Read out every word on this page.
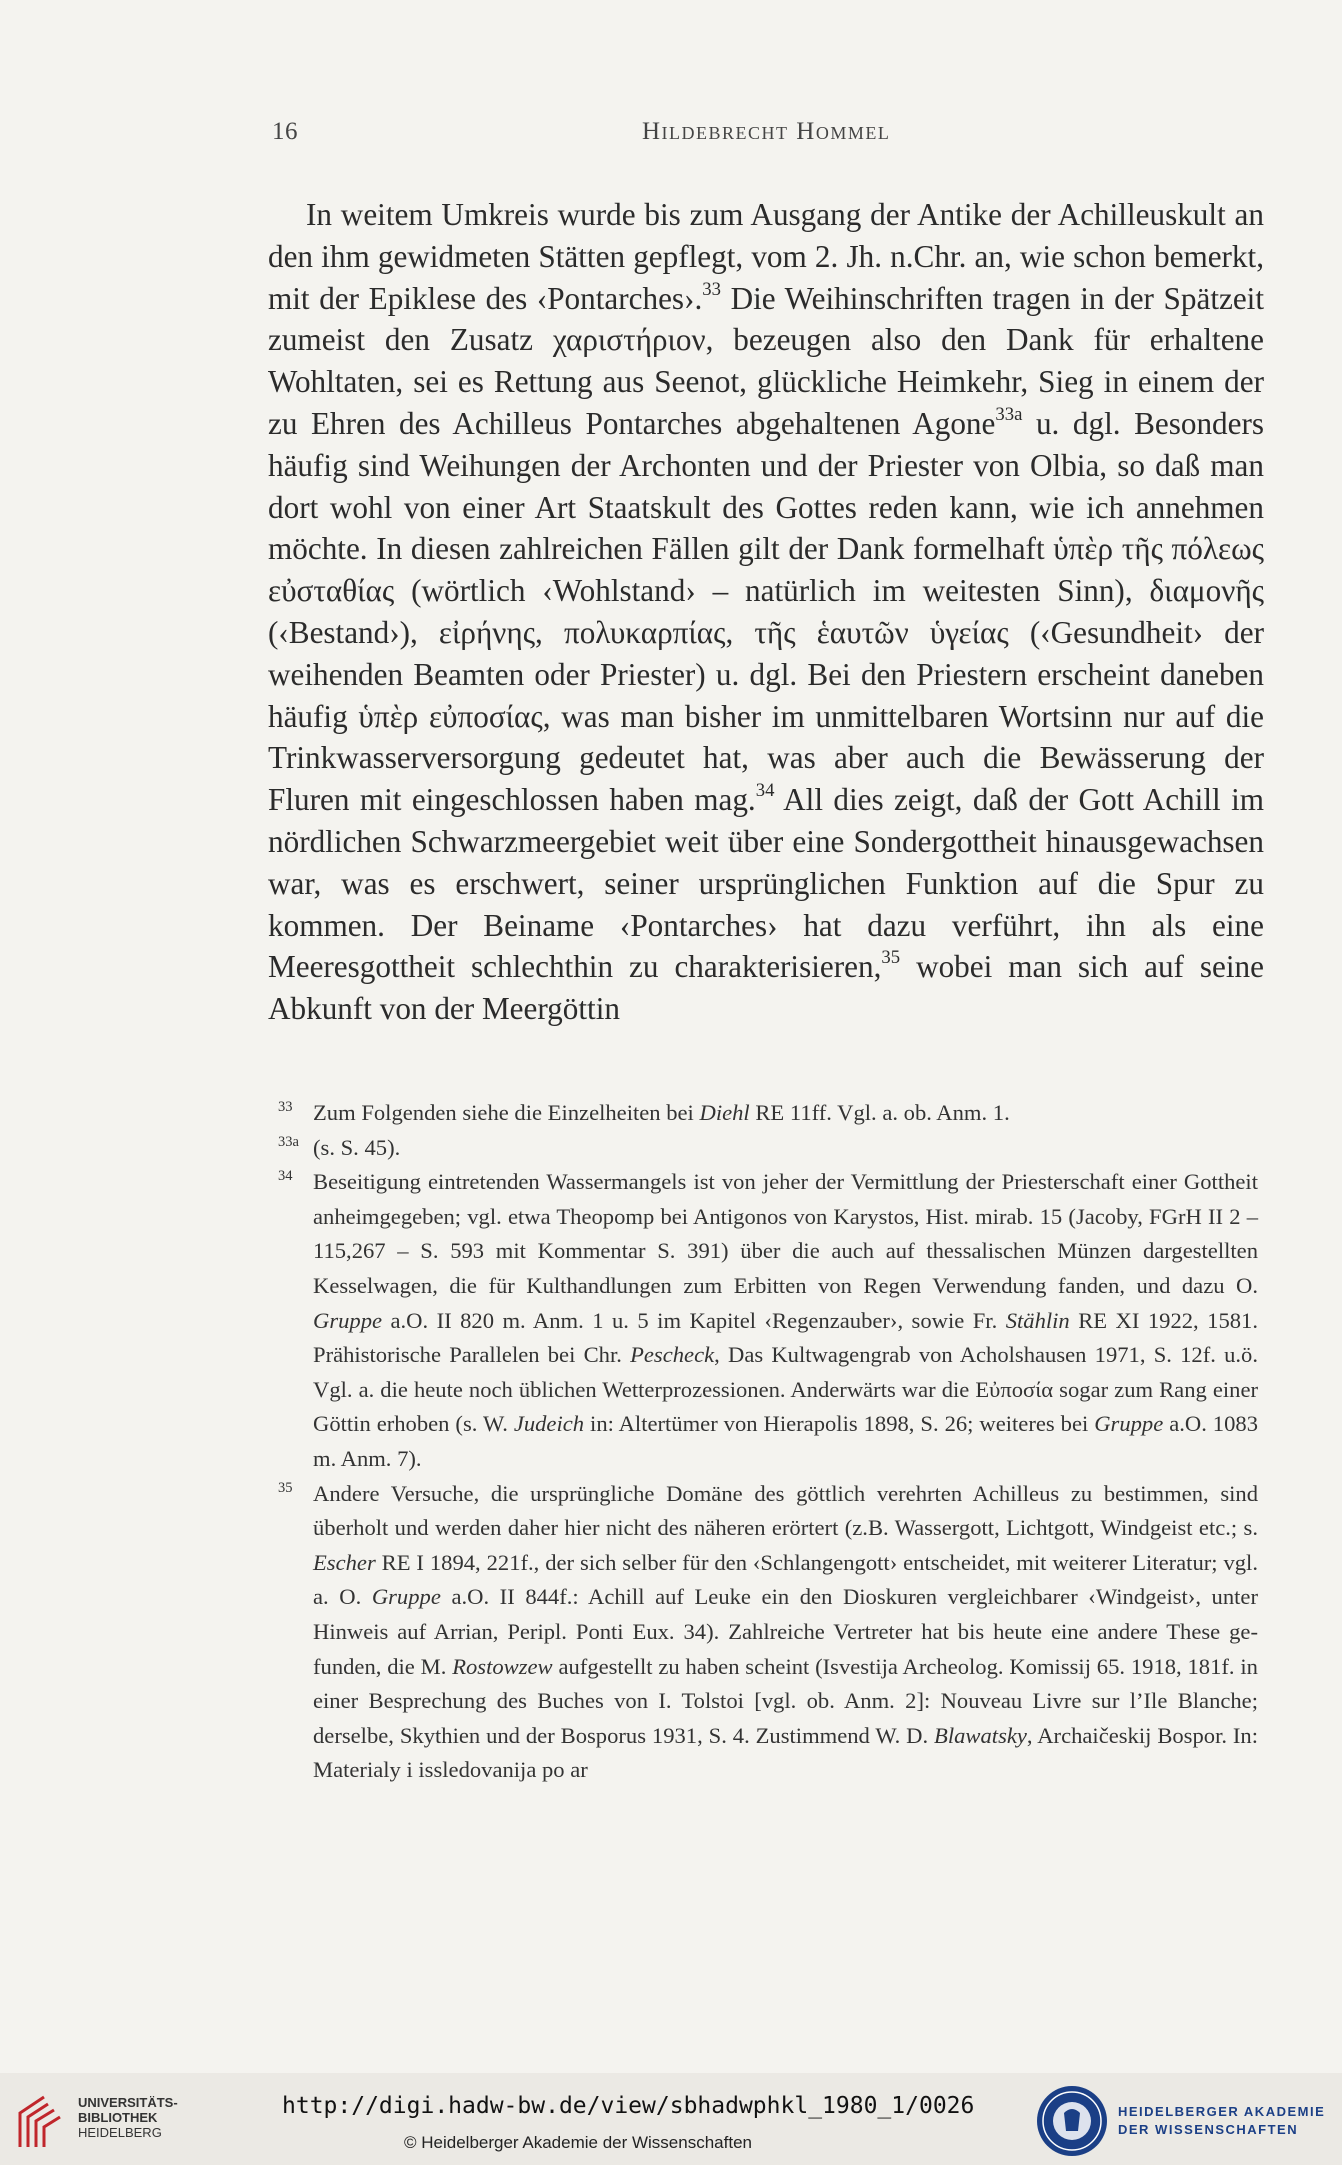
16	Hildebrecht Hommel

In weitem Umkreis wurde bis zum Ausgang der Antike der Achilleuskult an den ihm gewidmeten Stätten gepflegt, vom 2. Jh. n.Chr. an, wie schon bemerkt, mit der Epiklese des ‹Pontarches›.$^{33}$ Die Weihinschriften tragen in der Spätzeit zumeist den Zusatz χαριστήριον, bezeugen also den Dank für erhaltene Wohltaten, sei es Rettung aus Seenot, glückliche Heimkehr, Sieg in einem der zu Ehren des Achilleus Pontarches abgehaltenen Agone$^{33a}$ u. dgl. Besonders häufig sind Weihungen der Archonten und der Priester von Olbia, so daß man dort wohl von einer Art Staatskult des Gottes reden kann, wie ich annehmen möchte. In diesen zahlreichen Fällen gilt der Dank formelhaft ὑπὲρ τῆς πόλεως εὐσταθίας (wörtlich ‹Wohlstand› – natürlich im weitesten Sinn), διαμονῆς (‹Bestand›), εἰρήνης, πολυκαρπίας, τῆς ἑαυτῶν ὑγείας (‹Gesundheit› der weihenden Beamten oder Priester) u. dgl. Bei den Priestern erscheint daneben häufig ὑπὲρ εὐποσίας, was man bisher im unmittelbaren Wortsinn nur auf die Trinkwasserversorgung gedeutet hat, was aber auch die Bewässerung der Fluren mit eingeschlossen haben mag.$^{34}$ All dies zeigt, daß der Gott Achill im nördlichen Schwarzmeergebiet weit über eine Sondergottheit hinausgewachsen war, was es erschwert, seiner ursprünglichen Funktion auf die Spur zu kommen. Der Beiname ‹Pontarches› hat dazu verführt, ihn als eine Meeresgottheit schlechthin zu charakterisieren,$^{35}$ wobei man sich auf seine Abkunft von der Meergöttin

33 Zum Folgenden siehe die Einzelheiten bei Diehl RE 11ff. Vgl. a. ob. Anm. 1.

33a (s. S. 45).

34 Beseitigung eintretenden Wassermangels ist von jeher der Vermittlung der Priesterschaft einer Gottheit anheimgegeben; vgl. etwa Theopomp bei Antigonos von Karystos, Hist. mirab. 15 (Jacoby, FGrH II 2 – 115,267 – S. 593 mit Kommentar S. 391) über die auch auf thessalischen Münzen dargestellten Kesselwagen, die für Kulthandlungen zum Erbitten von Regen Verwendung fanden, und dazu O. Gruppe a.O. II 820 m. Anm. 1 u. 5 im Kapitel ‹Regenzauber›, sowie Fr. Stählin RE XI 1922, 1581. Prähistorische Parallelen bei Chr. Pescheck, Das Kultwagengrab von Acholshausen 1971, S. 12f. u.ö. Vgl. a. die heute noch üblichen Wetterprozessionen. Anderwärts war die Εὐποσία sogar zum Rang einer Göttin erhoben (s. W. Judeich in: Altertümer von Hierapolis 1898, S. 26; weiteres bei Gruppe a.O. 1083 m. Anm. 7).

35 Andere Versuche, die ursprüngliche Domäne des göttlich verehrten Achilleus zu bestimmen, sind überholt und werden daher hier nicht des näheren erörtert (z.B. Wassergott, Lichtgott, Windgeist etc.; s. Escher RE I 1894, 221f., der sich selber für den ‹Schlangengott› entscheidet, mit weiterer Literatur; vgl. a. O. Gruppe a.O. II 844f.: Achill auf Leuke ein den Dioskuren vergleichbarer ‹Windgeist›, unter Hinweis auf Arrian, Peripl. Ponti Eux. 34). Zahlreiche Vertreter hat bis heute eine andere These gefunden, die M. Rostowzew aufgestellt zu haben scheint (Isvestija Archeolog. Komissij 65. 1918, 181f. in einer Besprechung des Buches von I. Tolstoi [vgl. ob. Anm. 2]: Nouveau Livre sur l’Ile Blanche; derselbe, Skythien und der Bosporus 1931, S. 4. Zustimmend W. D. Blawatsky, Archaičeskij Bospor. In: Materialy i issledovanija po ar

UNIVERSITÄTS-
BIBLIOTHEK
HEIDELBERG
http://digi.hadw-bw.de/view/sbhadwphkl_1980_1/0026
© Heidelberger Akademie der Wissenschaften
HEIDELBERGER AKADEMIE
DER WISSENSCHAFTEN
